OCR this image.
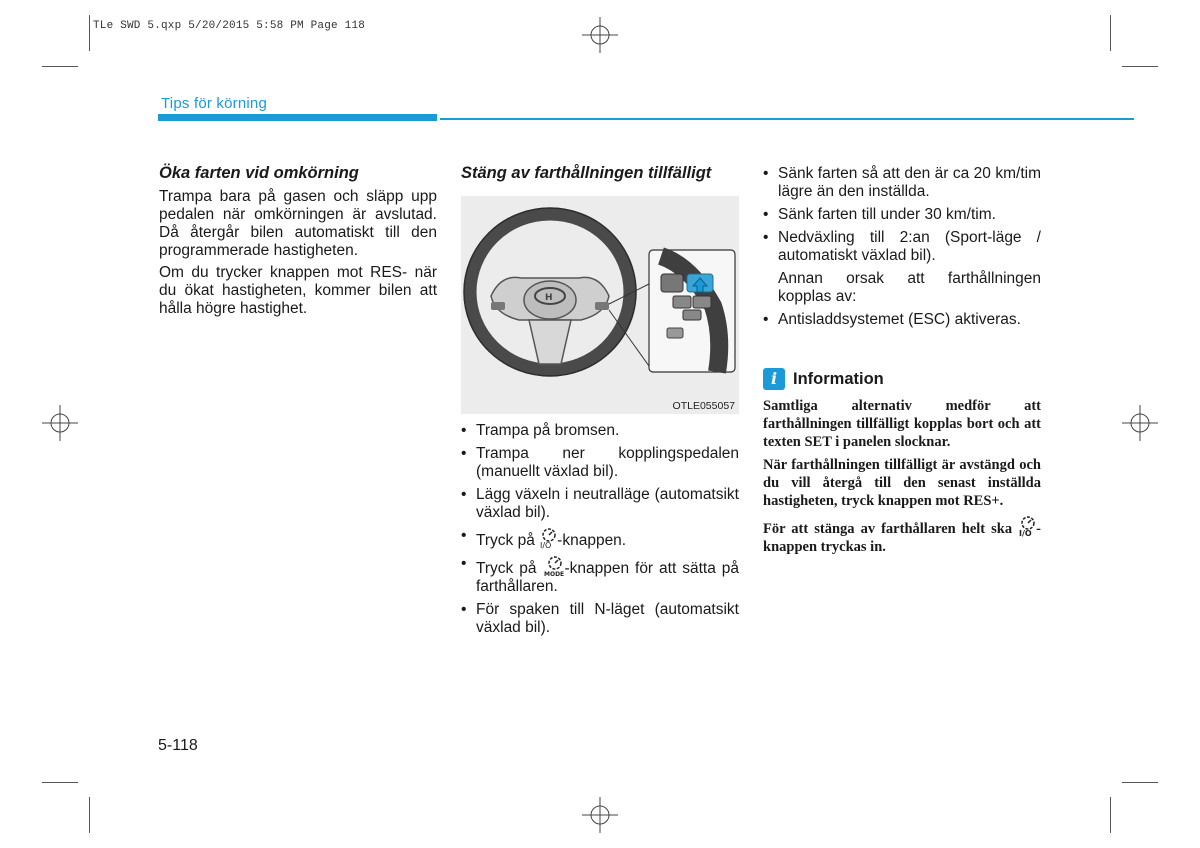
TLe SWD 5.qxp 5/20/2015 5:58 PM Page 118
Tips för körning
Öka farten vid omkörning

Trampa bara på gasen och släpp upp pedalen när omkörningen är avslutad. Då återgår bilen automatiskt till den programmerade hastigheten.

Om du trycker knappen mot RES- när du ökat hastigheten, kommer bilen att hålla högre hastighet.

Stäng av farthållningen tillfälligt
H
OTLE055057
• Trampa på bromsen.
• Trampa ner kopplingspedalen (manuellt växlad bil).
• Lägg växeln i neutralläge (automatsikt växlad bil).
• Tryck på I/O -knappen.
• Tryck på MODE -knappen för att sätta på farthållaren.
• För spaken till N-läget (automatsikt växlad bil).
• Sänk farten så att den är ca 20 km/tim lägre än den inställda.
• Sänk farten till under 30 km/tim.
• Nedväxling till 2:an (Sport-läge / automatiskt växlad bil).
Annan orsak att farthållningen kopplas av:
• Antisladdsystemet (ESC) aktiveras.
i Information

Samtliga alternativ medför att farthållningen tillfälligt kopplas bort och att texten SET i panelen slocknar.

När farthållningen tillfälligt är avstängd och du vill återgå till den senast inställda hastigheten, tryck knappen mot RES+.

För att stänga av farthållaren helt ska I/O -knappen tryckas in.

5-118
